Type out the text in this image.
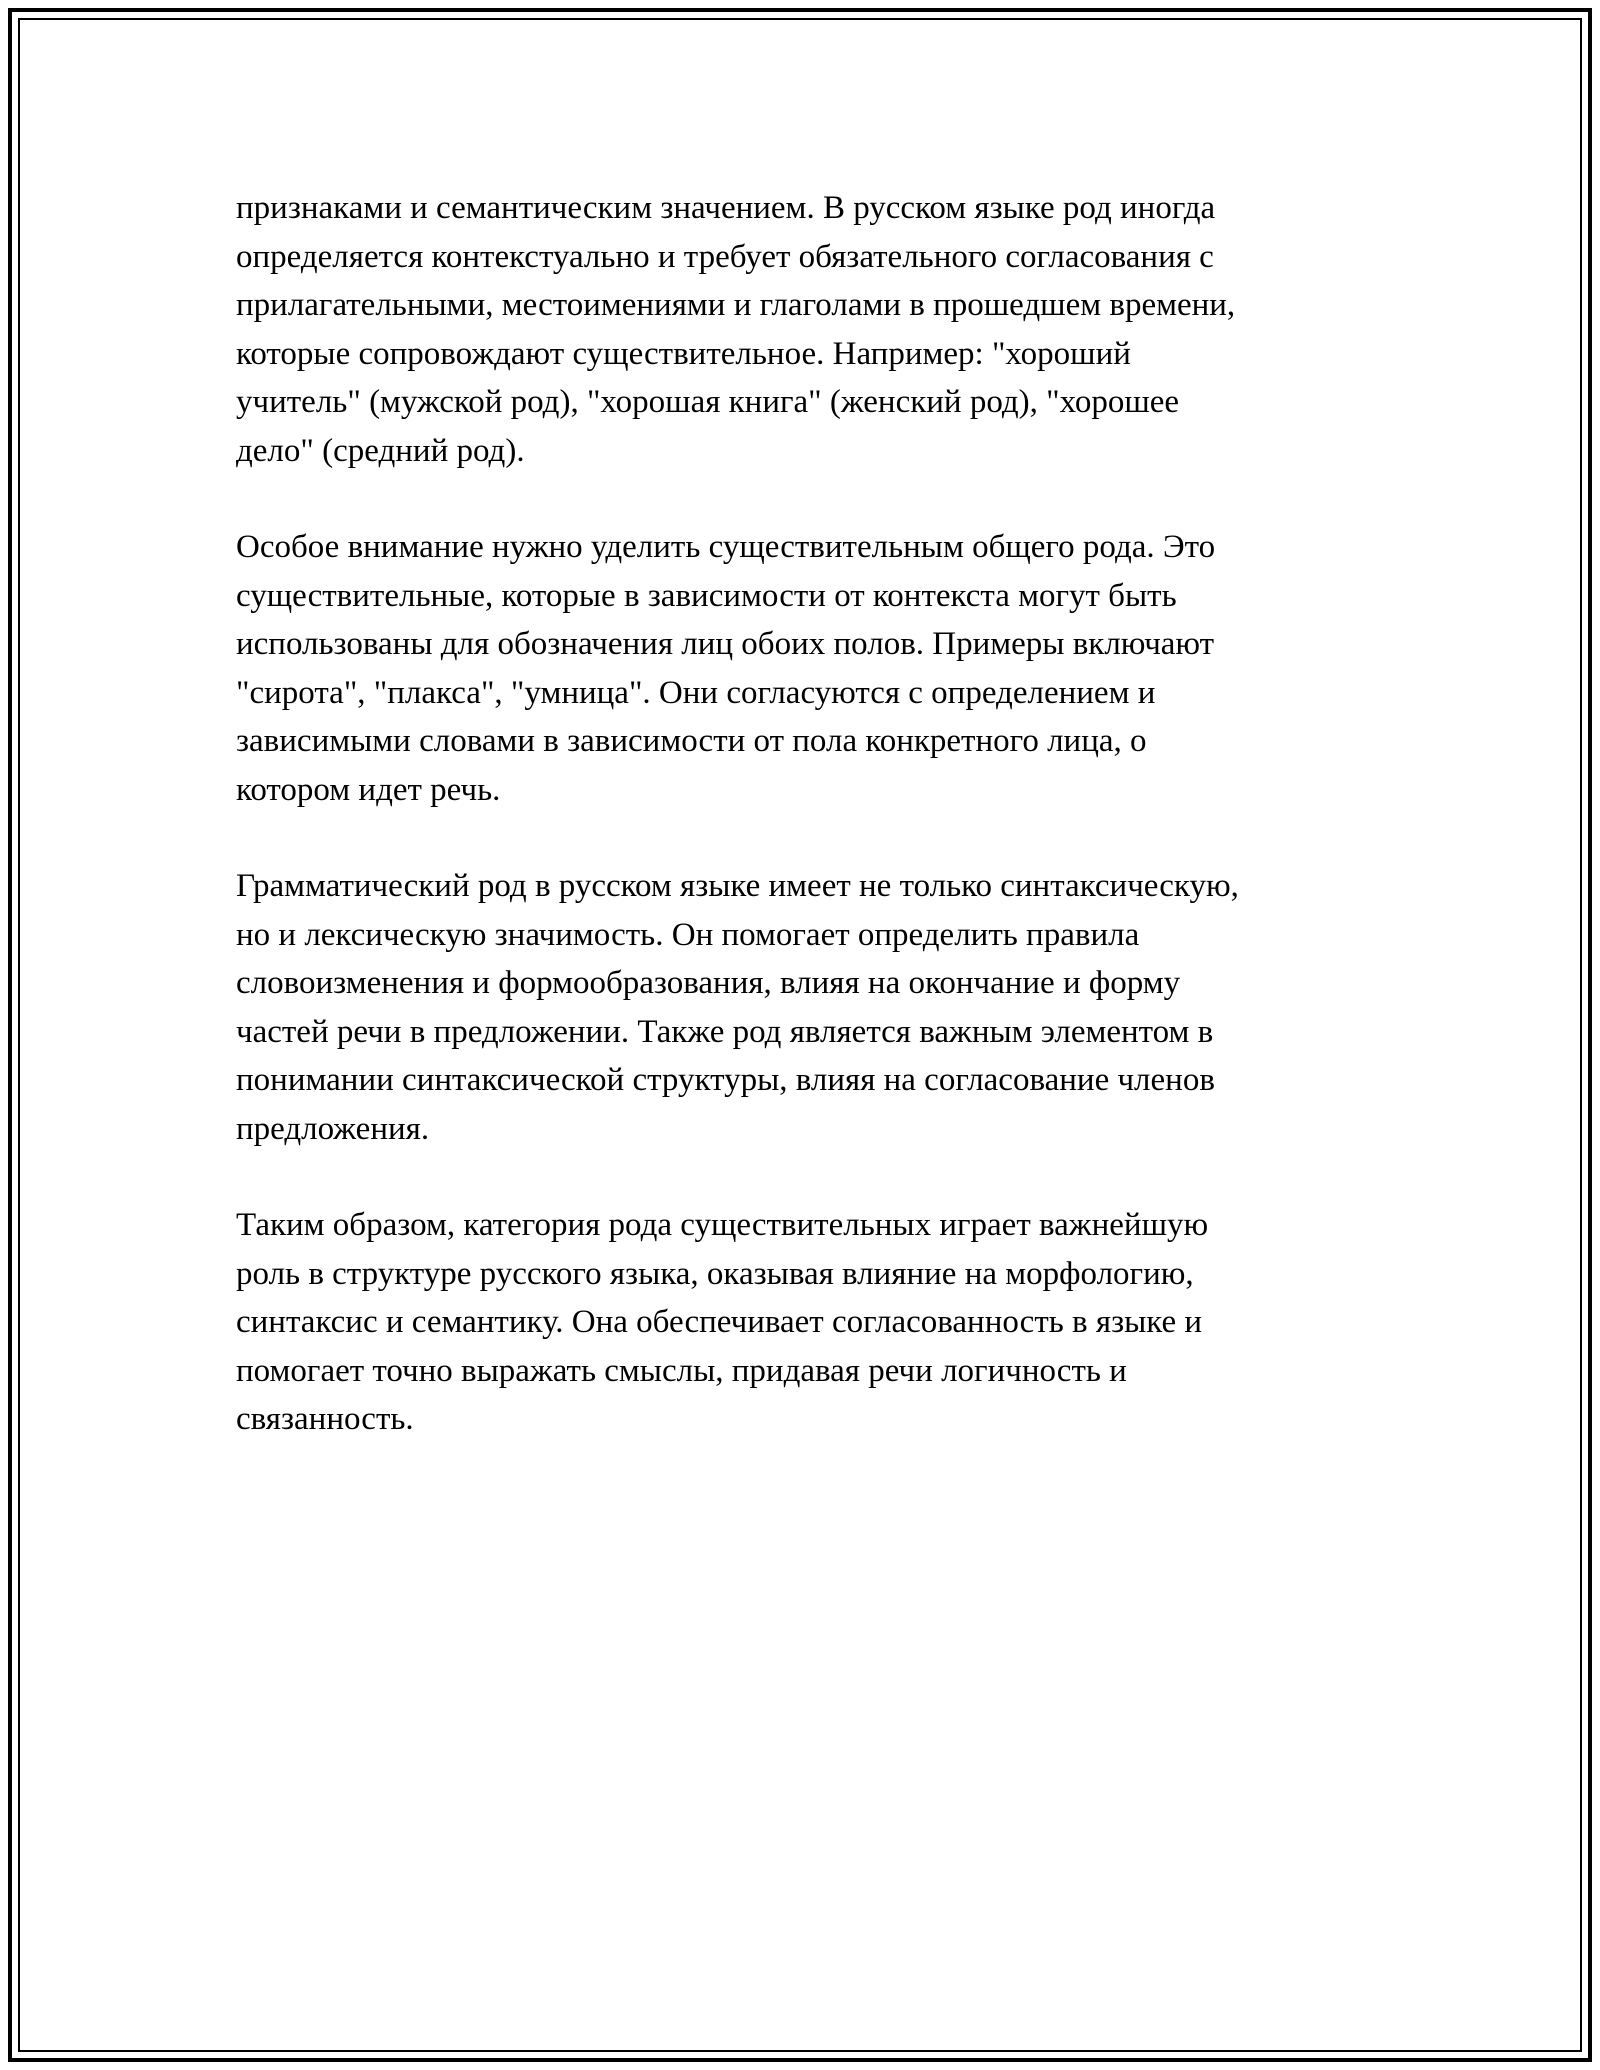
признаками и семантическим значением. В русском языке род иногда
определяется контекстуально и требует обязательного согласования с
прилагательными, местоимениями и глаголами в прошедшем времени,
которые сопровождают существительное. Например: "хороший
учитель" (мужской род), "хорошая книга" (женский род), "хорошее
дело" (средний род).

Особое внимание нужно уделить существительным общего рода. Это
существительные, которые в зависимости от контекста могут быть
использованы для обозначения лиц обоих полов. Примеры включают
"сирота", "плакса", "умница". Они согласуются с определением и
зависимыми словами в зависимости от пола конкретного лица, о
котором идет речь.

Грамматический род в русском языке имеет не только синтаксическую,
но и лексическую значимость. Он помогает определить правила
словоизменения и формообразования, влияя на окончание и форму
частей речи в предложении. Также род является важным элементом в
понимании синтаксической структуры, влияя на согласование членов
предложения.

Таким образом, категория рода существительных играет важнейшую
роль в структуре русского языка, оказывая влияние на морфологию,
синтаксис и семантику. Она обеспечивает согласованность в языке и
помогает точно выражать смыслы, придавая речи логичность и
связанность.
